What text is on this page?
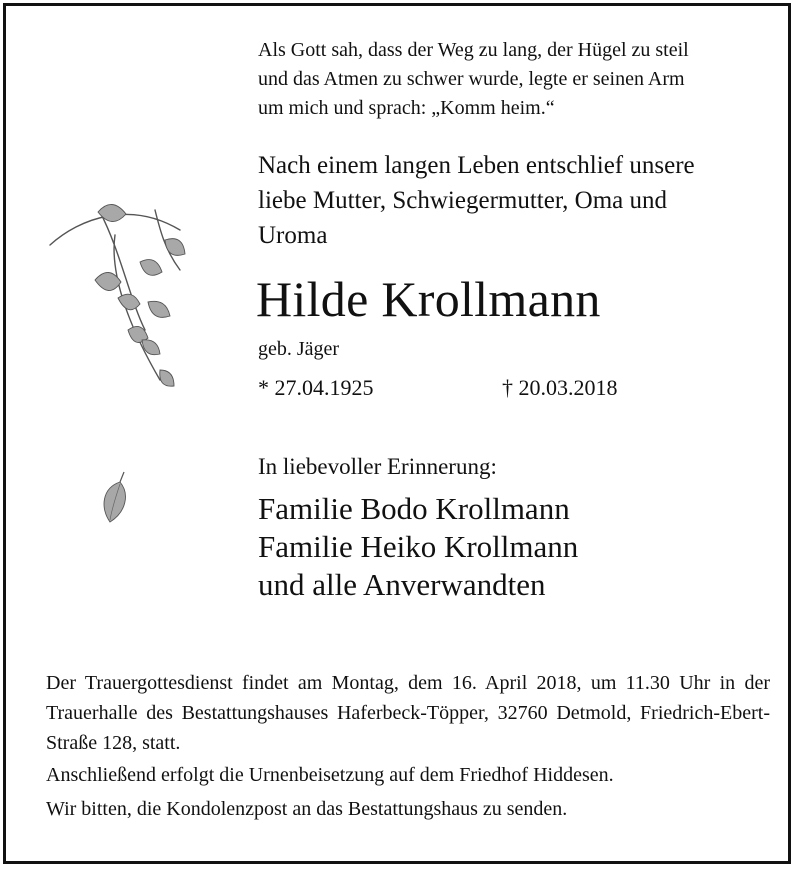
Als Gott sah, dass der Weg zu lang, der Hügel zu steil
und das Atmen zu schwer wurde, legte er seinen Arm
um mich und sprach: „Komm heim.“
Nach einem langen Leben entschlief unsere
liebe Mutter, Schwiegermutter, Oma und
Uroma
Hilde Krollmann
geb. Jäger
* 27.04.1925	† 20.03.2018
In liebevoller Erinnerung:
Familie Bodo Krollmann
Familie Heiko Krollmann
und alle Anverwandten

Der Trauergottesdienst findet am Montag, dem 16. April 2018, um 11.30 Uhr in der Trauerhalle des Bestattungshauses Haferbeck-Töpper, 32760 Detmold, Friedrich-Ebert-Straße 128, statt.

Anschließend erfolgt die Urnenbeisetzung auf dem Friedhof Hiddesen.

Wir bitten, die Kondolenzpost an das Bestattungshaus zu senden.
